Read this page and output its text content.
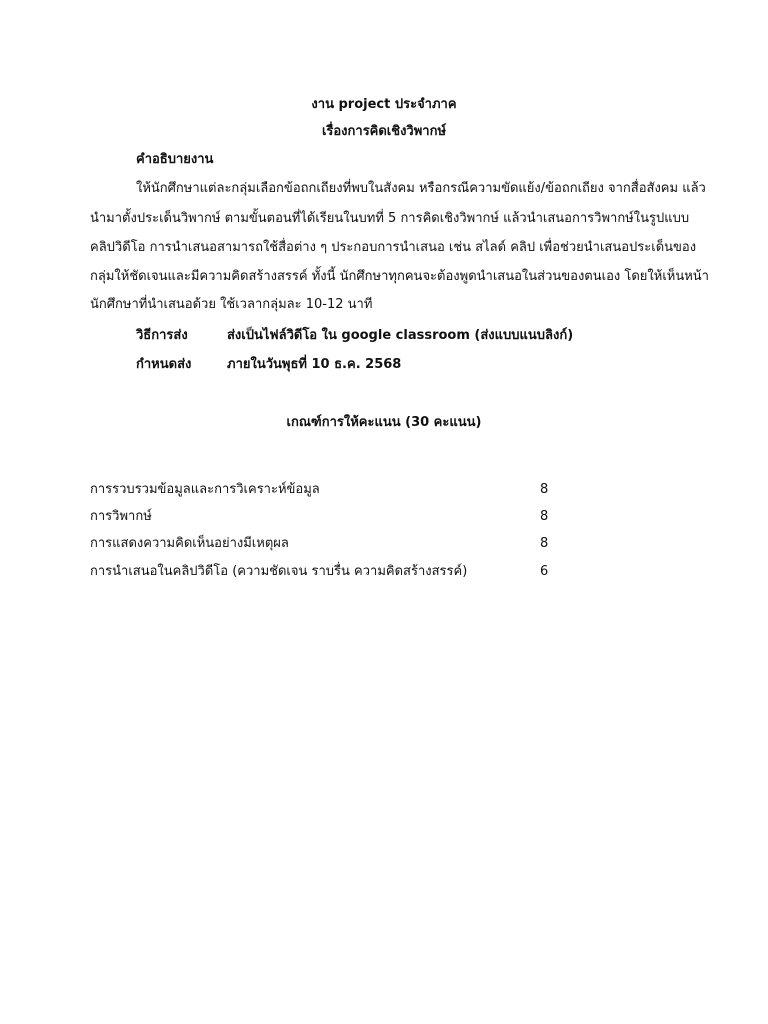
งาน project ประจำภาค
เรื่องการคิดเชิงวิพากษ์
คำอธิบายงาน
ให้นักศึกษาแต่ละกลุ่มเลือกข้อถกเถียงที่พบในสังคม หรือกรณีความขัดแย้ง/ข้อถกเถียง จากสื่อสังคม แล้ว
นำมาตั้งประเด็นวิพากษ์ ตามขั้นตอนที่ได้เรียนในบทที่ 5 การคิดเชิงวิพากษ์ แล้วนำเสนอการวิพากษ์ในรูปแบบ
คลิปวิดีโอ การนำเสนอสามารถใช้สื่อต่าง ๆ ประกอบการนำเสนอ เช่น สไลด์ คลิป เพื่อช่วยนำเสนอประเด็นของ
กลุ่มให้ชัดเจนและมีความคิดสร้างสรรค์ ทั้งนี้ นักศึกษาทุกคนจะต้องพูดนำเสนอในส่วนของตนเอง โดยให้เห็นหน้า
นักศึกษาที่นำเสนอด้วย ใช้เวลากลุ่มละ 10-12 นาที
วิธีการส่ง	ส่งเป็นไฟล์วิดีโอ ใน google classroom (ส่งแบบแนบลิงก์)
กำหนดส่ง	ภายในวันพุธที่ 10 ธ.ค. 2568
เกณฑ์การให้คะแนน (30 คะแนน)
การรวบรวมข้อมูลและการวิเคราะห์ข้อมูล	8
การวิพากษ์	8
การแสดงความคิดเห็นอย่างมีเหตุผล	8
การนำเสนอในคลิปวิดีโอ (ความชัดเจน ราบรื่น ความคิดสร้างสรรค์)	6
